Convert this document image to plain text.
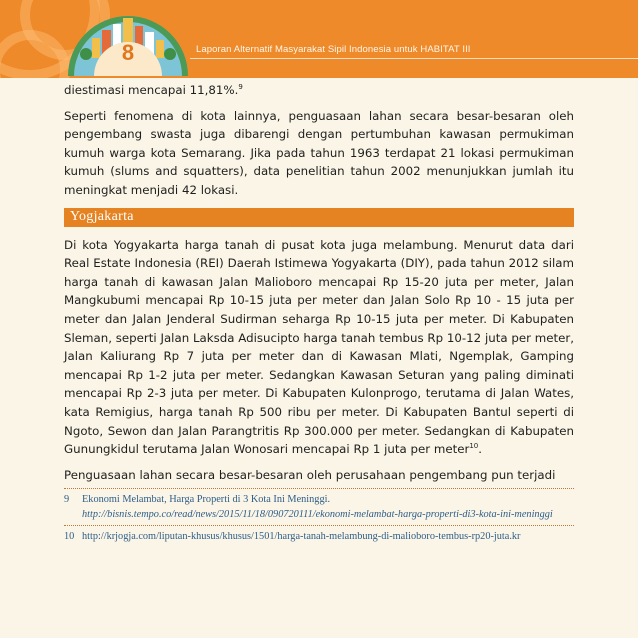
8	Laporan Alternatif Masyarakat Sipil Indonesia untuk HABITAT III

diestimasi mencapai 11,81%.$^9$

Seperti fenomena di kota lainnya, penguasaan lahan secara besar-besaran oleh pengembang swasta juga dibarengi dengan pertumbuhan kawasan permukiman kumuh warga kota Semarang. Jika pada tahun 1963 terdapat 21 lokasi permukiman kumuh (slums and squatters), data penelitian tahun 2002 menunjukkan jumlah itu meningkat menjadi 42 lokasi.

Yogjakarta

Di kota Yogyakarta harga tanah di pusat kota juga melambung. Menurut data dari Real Estate Indonesia (REI) Daerah Istimewa Yogyakarta (DIY), pada tahun 2012 silam harga tanah di kawasan Jalan Malioboro mencapai Rp 15-20 juta per meter, Jalan Mangkubumi mencapai Rp 10-15 juta per meter dan Jalan Solo Rp 10 - 15 juta per meter dan Jalan Jenderal Sudirman seharga Rp 10-15 juta per meter. Di Kabupaten Sleman, seperti Jalan Laksda Adisucipto harga tanah tembus Rp 10-12 juta per meter, Jalan Kaliurang Rp 7 juta per meter dan di Kawasan Mlati, Ngemplak, Gamping mencapai Rp 1-2 juta per meter. Sedangkan Kawasan Seturan yang paling diminati mencapai Rp 2-3 juta per meter. Di Kabupaten Kulonprogo, terutama di Jalan Wates, kata Remigius, harga tanah Rp 500 ribu per meter. Di Kabupaten Bantul seperti di Ngoto, Sewon dan Jalan Parangtritis Rp 300.000 per meter. Sedangkan di Kabupaten Gunungkidul terutama Jalan Wonosari mencapai Rp 1 juta per meter$^{10}$.

Penguasaan lahan secara besar-besaran oleh perusahaan pengembang pun terjadi

9	Ekonomi Melambat, Harga Properti di 3 Kota Ini Meninggi. http://bisnis.tempo.co/read/news/2015/11/18/090720111/ekonomi-melambat-harga-properti-di3-kota-ini-meninggi
10 http://krjogja.com/liputan-khusus/khusus/1501/harga-tanah-melambung-di-malioboro-tembus-rp20-juta.kr
